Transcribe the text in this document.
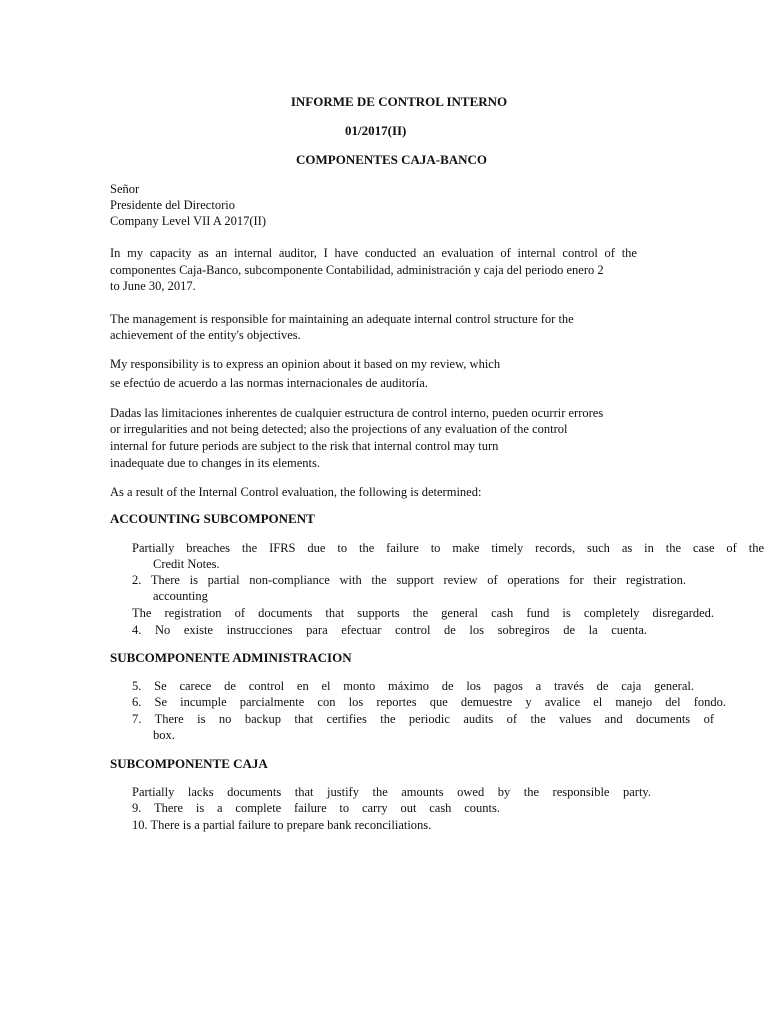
INFORME DE CONTROL INTERNO
01/2017(II)
COMPONENTES CAJA-BANCO
Señor
Presidente del Directorio
Company Level VII A 2017(II)
In my capacity as an internal auditor, I have conducted an evaluation of internal control of the
componentes Caja-Banco, subcomponente Contabilidad, administración y caja del periodo enero 2
to June 30, 2017.
The management is responsible for maintaining an adequate internal control structure for the
achievement of the entity's objectives.
My responsibility is to express an opinion about it based on my review, which
se efectúo de acuerdo a las normas internacionales de auditoría.
Dadas las limitaciones inherentes de cualquier estructura de control interno, pueden ocurrir errores
or irregularities and not being detected; also the projections of any evaluation of the control
internal for future periods are subject to the risk that internal control may turn
inadequate due to changes in its elements.
As a result of the Internal Control evaluation, the following is determined:
ACCOUNTING SUBCOMPONENT
Partially breaches the IFRS due to the failure to make timely records, such as in the case of the
Credit Notes.
2. There is partial non-compliance with the support review of operations for their registration.
accounting
The registration of documents that supports the general cash fund is completely disregarded.
4. No existe instrucciones para efectuar control de los sobregiros de la cuenta.
SUBCOMPONENTE ADMINISTRACION
5. Se carece de control en el monto máximo de los pagos a través de caja general.
6. Se incumple parcialmente con los reportes que demuestre y avalice el manejo del fondo.
7. There is no backup that certifies the periodic audits of the values and documents of
box.
SUBCOMPONENTE CAJA
Partially lacks documents that justify the amounts owed by the responsible party.
9. There is a complete failure to carry out cash counts.
10. There is a partial failure to prepare bank reconciliations.
